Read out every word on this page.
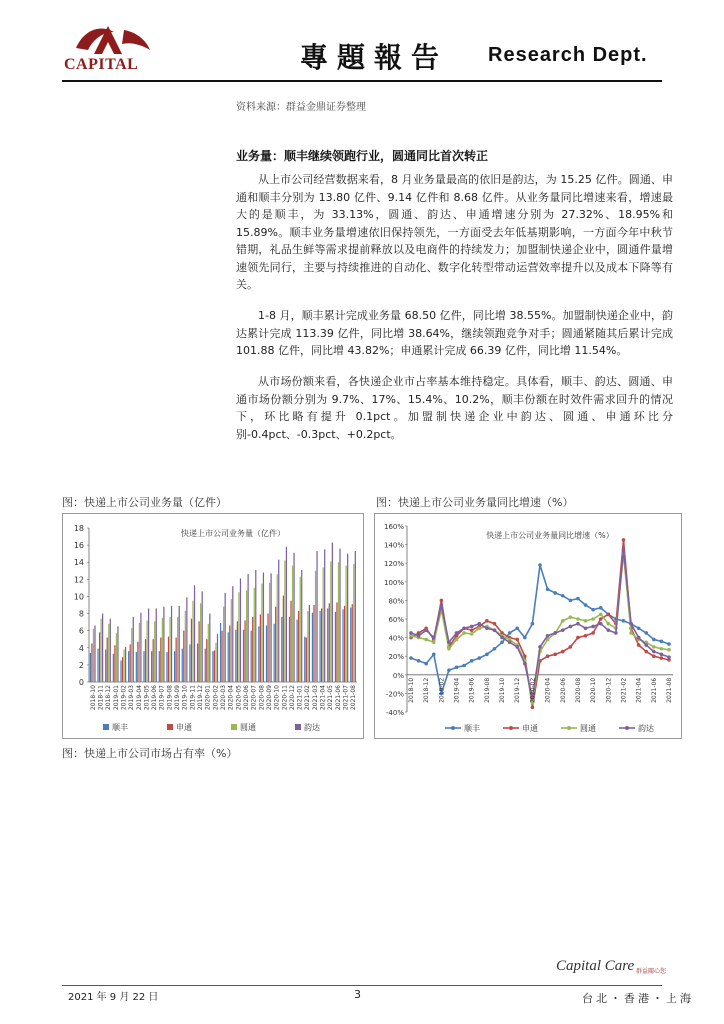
CAPITAL	專題報告 Research Dept.
资料来源：群益金鼎证券整理
业务量：顺丰继续领跑行业，圆通同比首次转正
从上市公司经营数据来看，8 月业务量最高的依旧是韵达，为 15.25 亿件。圆通、申通和顺丰分别为 13.80 亿件、9.14 亿件和 8.68 亿件。从业务量同比增速来看，增速最大的是顺丰，为 33.13%，圆通、韵达、申通增速分别为 27.32%、18.95%和 15.89%。顺丰业务量增速依旧保持领先，一方面受去年低基期影响，一方面今年中秋节错期，礼品生鲜等需求提前释放以及电商件的持续发力；加盟制快递企业中，圆通件量增速领先同行，主要与持续推进的自动化、数字化转型带动运营效率提升以及成本下降等有关。
1-8 月，顺丰累计完成业务量 68.50 亿件，同比增 38.55%。加盟制快递企业中，韵达累计完成 113.39 亿件，同比增 38.64%，继续领跑竞争对手；圆通紧随其后累计完成 101.88 亿件，同比增 43.82%；申通累计完成 66.39 亿件，同比增 11.54%。
从市场份额来看，各快递企业市占率基本维持稳定。具体看，顺丰、韵达、圆通、申通市场份额分别为 9.7%、17%、15.4%、10.2%，顺丰份额在时效件需求回升的情况下，环比略有提升 0.1pct。加盟制快递企业中韵达、圆通、申通环比分别-0.4pct、-0.3pct、+0.2pct。
图：快递上市公司业务量（亿件）	图：快递上市公司业务量同比增速（%）
图：快递上市公司市场占有率（%）
快递上市公司业务量（亿件）
0
2
4
6
8
10
12
14
16
18
2018-10 2018-11 2018-12 2019-01 2019-02 2019-03 2019-04 2019-05 2019-06 2019-07 2019-08 2019-09 2019-10 2019-11 2019-12 2020-01 2020-02 2020-03 2020-04 2020-05 2020-06 2020-07 2020-08 2020-09 2020-10 2020-11 2020-12 2021-01 2021-02 2021-03 2021-04 2021-05 2021-06 2021-07 2021-08
顺丰	申通	圆通	韵达
快递上市公司业务量同比增速（%）
-40%
-20%
0%
20%
40%
60%
80%
100%
120%
140%
160%
2018-10 2018-12 2019-02 2019-04 2019-06 2019-08 2019-10 2019-12 2020-02 2020-04 2020-06 2020-08 2020-10 2020-12 2021-02 2021-04 2021-06 2021-08
顺丰	申通	圆通	韵达
Capital Care 群益關心您
2021 年 9 月 22 日	3	台北・香港・上海
